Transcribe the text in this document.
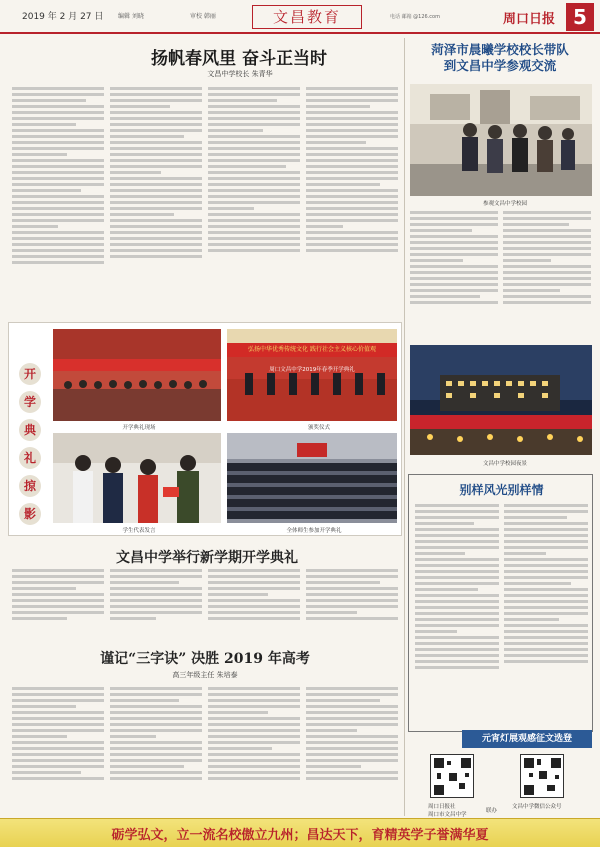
2019 年 2 月 27 日 编辑 刘晓	审校 韩丽	文昌教育	电话 邮箱 @126.com	周口日报 5
扬帆春风里 奋斗正当时
文昌中学校长 朱青华
菏泽市晨曦学校校长带队
到文昌中学参观交流
参观文昌中学校园
文昌中学校园夜景
开
学
典
礼
掠
影
开学典礼现场
弘扬中华优秀传统文化 践行社会主义核心价值观
周口文昌中学2019年春季开学典礼
颁奖仪式
学生代表发言	全体师生参加开学典礼
文昌中学举行新学期开学典礼
谨记“三字诀” 决胜 2019 年高考
高三年级主任 朱培泰
别样风光别样情
元宵灯展观感征文选登
周口日报社
周口市文昌中学
联办
文昌中学微信公众号
砺学弘文，立一流名校傲立九州；昌达天下，育精英学子誉满华夏
